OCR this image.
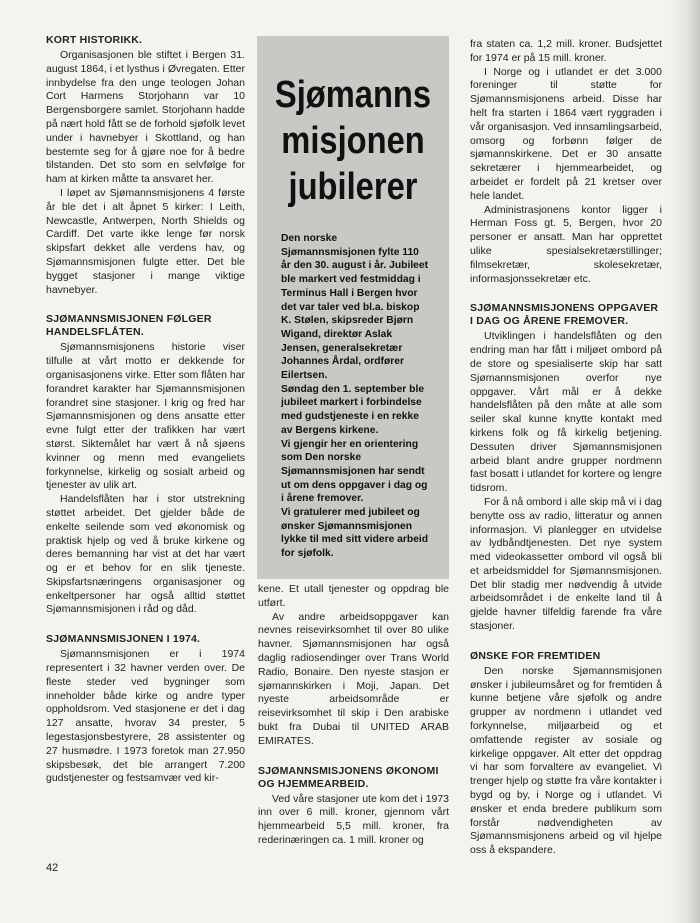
KORT HISTORIKK.

Organisasjonen ble stiftet i Bergen 31. august 1864, i et lysthus i Øvregaten. Etter innbydelse fra den unge teologen Johan Cort Harmens Storjohann var 10 Bergensborgere samlet. Storjohann hadde på nært hold fått se de forhold sjøfolk levet under i havnebyer i Skottland, og han bestemte seg for å gjøre noe for å bedre tilstanden. Det sto som en selvfølge for ham at kirken måtte ta ansvaret her.

I løpet av Sjømannsmisjonens 4 første år ble det i alt åpnet 5 kirker: I Leith, Newcastle, Antwerpen, North Shields og Cardiff. Det varte ikke lenge før norsk skipsfart dekket alle verdens hav, og Sjømannsmisjonen fulgte etter. Det ble bygget stasjoner i mange viktige havnebyer.

SJØMANNSMISJONEN FØLGER HANDELSFLÅTEN.

Sjømannsmisjonens historie viser tilfulle at vårt motto er dekkende for organisasjonens virke. Etter som flåten har forandret karakter har Sjømannsmisjonen forandret sine stasjoner. I krig og fred har Sjømannsmisjonen og dens ansatte etter evne fulgt etter der trafikken har vært størst. Siktemålet har vært å nå sjøens kvinner og menn med evangeliets forkynnelse, kirkelig og sosialt arbeid og tjenester av ulik art.

Handelsflåten har i stor utstrekning støttet arbeidet. Det gjelder både de enkelte seilende som ved økonomisk og praktisk hjelp og ved å bruke kirkene og deres bemanning har vist at det har vært og er et behov for en slik tjeneste. Skipsfartsnæringens organisasjoner og enkeltpersoner har også alltid støttet Sjømannsmisjonen i råd og dåd.

SJØMANNSMISJONEN I 1974.

Sjømannsmisjonen er i 1974 representert i 32 havner verden over. De fleste steder ved bygninger som inneholder både kirke og andre typer oppholdsrom. Ved stasjonene er det i dag 127 ansatte, hvorav 34 prester, 5 legestasjonsbestyrere, 28 assistenter og 27 husmødre. I 1973 foretok man 27.950 skipsbesøk, det ble arrangert 7.200 gudstjenester og festsamvær ved kir-

Sjømanns
misjonen
jubilerer

Den norske Sjømannsmisjonen fylte 110 år den 30. august i år. Jubileet ble markert ved festmiddag i Terminus Hall i Bergen hvor det var taler ved bl.a. biskop K. Stølen, skipsreder Bjørn Wigand, direktør Aslak Jensen, generalsekretær Johannes Årdal, ordfører Eilertsen.

Søndag den 1. september ble jubileet markert i forbindelse med gudstjeneste i en rekke av Bergens kirkene.

Vi gjengir her en orientering som Den norske Sjømannsmisjonen har sendt ut om dens oppgaver i dag og i årene fremover.

Vi gratulerer med jubileet og ønsker Sjømannsmisjonen lykke til med sitt videre arbeid for sjøfolk.

kene. Et utall tjenester og oppdrag ble utført.

Av andre arbeidsoppgaver kan nevnes reisevirksomhet til over 80 ulike havner. Sjømannsmisjonen har også daglig radiosendinger over Trans World Radio, Bonaire. Den nyeste stasjon er sjømannskirken i Moji, Japan. Det nyeste arbeidsområde er reisevirksomhet til skip i Den arabiske bukt fra Dubai til UNITED ARAB EMIRATES.

SJØMANNSMISJONENS ØKONOMI OG HJEMMEARBEID.

Ved våre stasjoner ute kom det i 1973 inn over 6 mill. kroner, gjennom vårt hjemmearbeid 5,5 mill. kroner, fra rederinæringen ca. 1 mill. kroner og

fra staten ca. 1,2 mill. kroner. Budsjettet for 1974 er på 15 mill. kroner.

I Norge og i utlandet er det 3.000 foreninger til støtte for Sjømannsmisjonens arbeid. Disse har helt fra starten i 1864 vært ryggraden i vår organisasjon. Ved innsamlingsarbeid, omsorg og forbønn følger de sjømannskirkene. Det er 30 ansatte sekretærer i hjemmearbeidet, og arbeidet er fordelt på 21 kretser over hele landet.

Administrasjonens kontor ligger i Herman Foss gt. 5, Bergen, hvor 20 personer er ansatt. Man har opprettet ulike spesialsekretærstillinger; filmsekretær, skolesekretær, informasjonssekretær etc.

SJØMANNSMISJONENS OPPGAVER I DAG OG ÅRENE FREMOVER.

Utviklingen i handelsflåten og den endring man har fått i miljøet ombord på de store og spesialiserte skip har satt Sjømannsmisjonen overfor nye oppgaver. Vårt mål er å dekke handelsflåten på den måte at alle som seiler skal kunne knytte kontakt med kirkens folk og få kirkelig betjening. Dessuten driver Sjømannsmisjonen arbeid blant andre grupper nordmenn fast bosatt i utlandet for kortere og lengre tidsrom.

For å nå ombord i alle skip må vi i dag benytte oss av radio, litteratur og annen informasjon. Vi planlegger en utvidelse av lydbåndtjenesten. Det nye system med videokassetter ombord vil også bli et arbeidsmiddel for Sjømannsmisjonen. Det blir stadig mer nødvendig å utvide arbeidsområdet i de enkelte land til å gjelde havner tilfeldig farende fra våre stasjoner.

ØNSKE FOR FREMTIDEN

Den norske Sjømannsmisjonen ønsker i jubileumsåret og for fremtiden å kunne betjene våre sjøfolk og andre grupper av nordmenn i utlandet ved forkynnelse, miljøarbeid og et omfattende register av sosiale og kirkelige oppgaver. Alt etter det oppdrag vi har som forvaltere av evangeliet. Vi trenger hjelp og støtte fra våre kontakter i bygd og by, i Norge og i utlandet. Vi ønsker et enda bredere publikum som forstår nødvendigheten av Sjømannsmisjonens arbeid og vil hjelpe oss å ekspandere.

42
